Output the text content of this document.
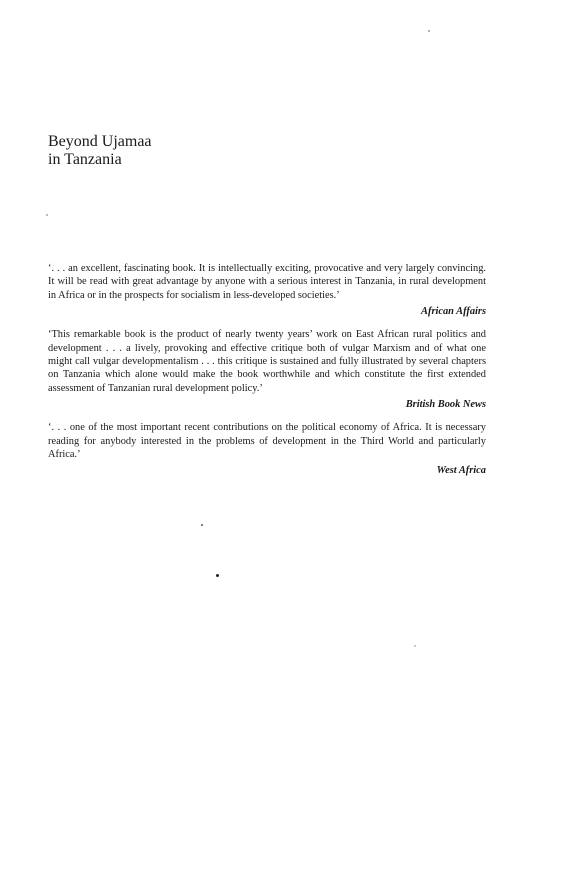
Beyond Ujamaa
in Tanzania

‘. . . an excellent, fascinating book. It is intellectually exciting, provocative and very largely convincing. It will be read with great advantage by anyone with a serious interest in Tanzania, in rural development in Africa or in the prospects for socialism in less-developed societies.’

African Affairs

‘This remarkable book is the product of nearly twenty years’ work on East African rural politics and development . . . a lively, provoking and effective critique both of vulgar Marxism and of what one might call vulgar developmentalism . . . this critique is sustained and fully illustrated by several chapters on Tanzania which alone would make the book worthwhile and which constitute the first extended assessment of Tanzanian rural development policy.’

British Book News

‘. . . one of the most important recent contributions on the political economy of Africa. It is necessary reading for anybody interested in the problems of development in the Third World and particularly Africa.’

West Africa
